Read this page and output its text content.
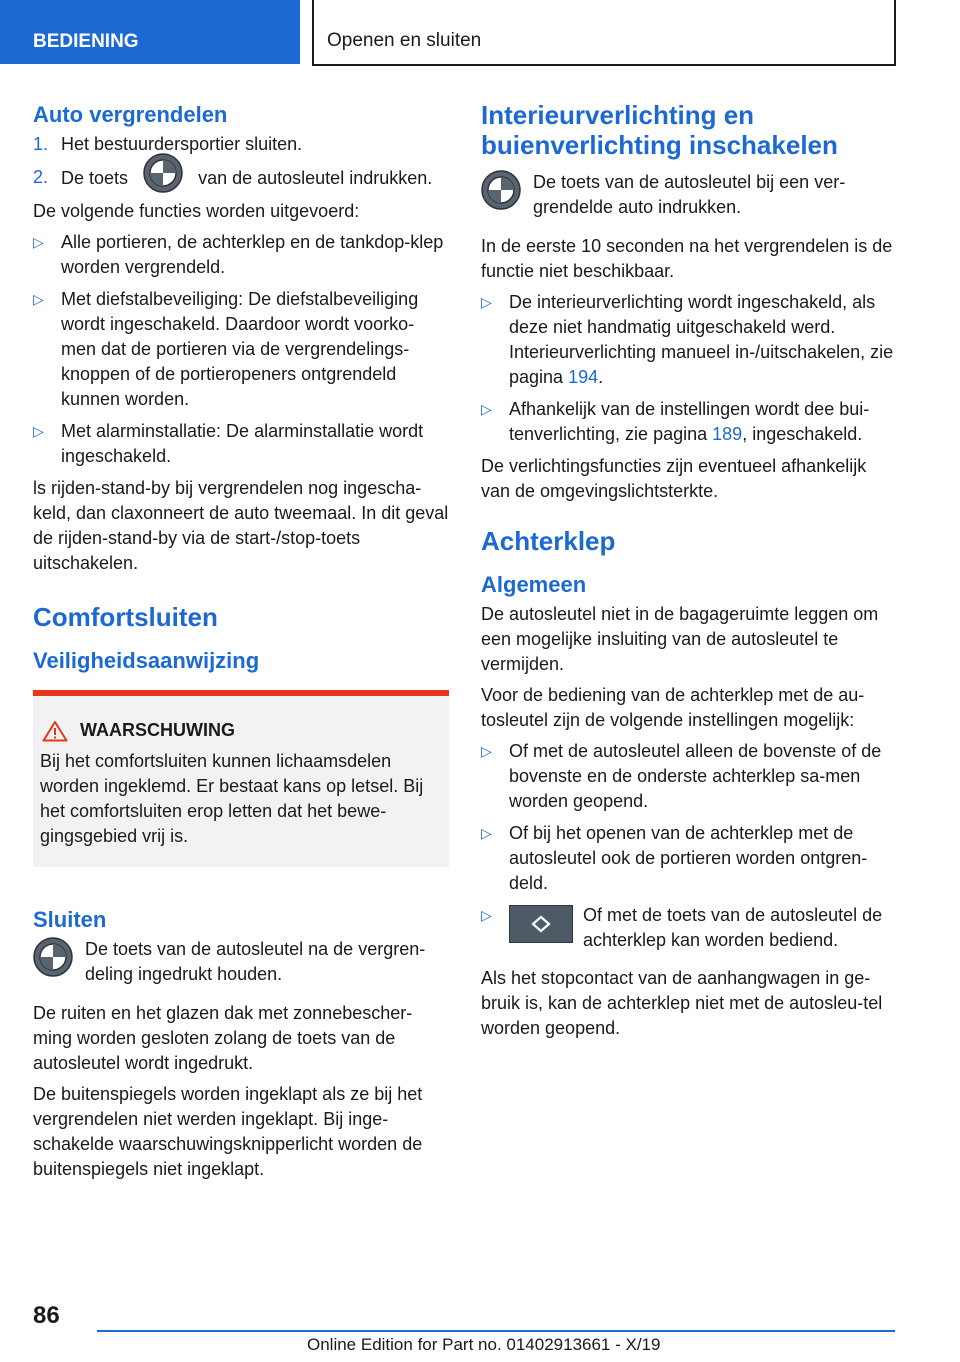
BEDIENING	Openen en sluiten
Auto vergrendelen
1. Het bestuurdersportier sluiten.
2. De toets	van de autosleutel indrukken.

De volgende functies worden uitgevoerd:

▷ Alle portieren, de achterklep en de tankdop-klep worden vergrendeld.
▷ Met diefstalbeveiliging: De diefstalbeveiliging wordt ingeschakeld. Daardoor wordt voorko-men dat de portieren via de vergrendelings-knoppen of de portieropeners ontgrendeld kunnen worden.
▷ Met alarminstallatie: De alarminstallatie wordt ingeschakeld.

ls rijden-stand-by bij vergrendelen nog ingescha-keld, dan claxonneert de auto tweemaal. In dit geval de rijden-stand-by via de start-/stop-toets uitschakelen.

Comfortsluiten
Veiligheidsaanwijzing
WAARSCHUWING
Bij het comfortsluiten kunnen lichaamsdelen worden ingeklemd. Er bestaat kans op letsel. Bij het comfortsluiten erop letten dat het bewe-gingsgebied vrij is.
Sluiten
De toets van de autosleutel na de vergren-deling ingedrukt houden.

De ruiten en het glazen dak met zonnebescher-ming worden gesloten zolang de toets van de autosleutel wordt ingedrukt.

De buitenspiegels worden ingeklapt als ze bij het vergrendelen niet werden ingeklapt. Bij inge-schakelde waarschuwingsknipperlicht worden de buitenspiegels niet ingeklapt.

Interieurverlichting en buienverlichting inschakelen
De toets van de autosleutel bij een ver-grendelde auto indrukken.

In de eerste 10 seconden na het vergrendelen is de functie niet beschikbaar.

▷ De interieurverlichting wordt ingeschakeld, als deze niet handmatig uitgeschakeld werd. Interieurverlichting manueel in-/uitschakelen, zie pagina 194.
▷ Afhankelijk van de instellingen wordt dee bui-tenverlichting, zie pagina 189, ingeschakeld.

De verlichtingsfuncties zijn eventueel afhankelijk van de omgevingslichtsterkte.

Achterklep
Algemeen

De autosleutel niet in de bagageruimte leggen om een mogelijke insluiting van de autosleutel te vermijden.

Voor de bediening van de achterklep met de au-tosleutel zijn de volgende instellingen mogelijk:

▷ Of met de autosleutel alleen de bovenste of de bovenste en de onderste achterklep sa-men worden geopend.
▷ Of bij het openen van de achterklep met de autosleutel ook de portieren worden ontgren-deld.
▷	Of met de toets van de autosleutel de achterklep kan worden bediend.

Als het stopcontact van de aanhangwagen in ge-bruik is, kan de achterklep niet met de autosleu-tel worden geopend.

86
Online Edition for Part no. 01402913661 - X/19
